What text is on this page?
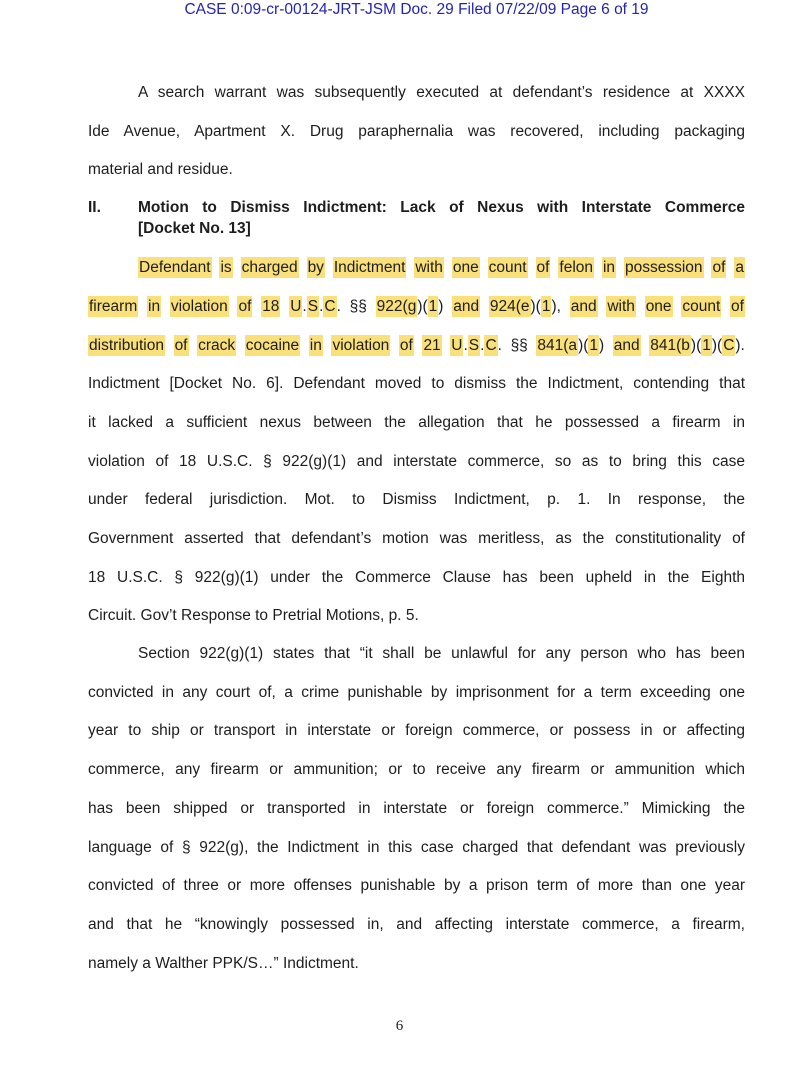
CASE 0:09-cr-00124-JRT-JSM Doc. 29 Filed 07/22/09 Page 6 of 19
A search warrant was subsequently executed at defendant’s residence at XXXX
Ide Avenue, Apartment X. Drug paraphernalia was recovered, including packaging
material and residue.
II. Motion to Dismiss Indictment: Lack of Nexus with Interstate Commerce
[Docket No. 13]
Defendant is charged by Indictment with one count of felon in possession of a
firearm in violation of 18 U.S.C. §§ 922(g)(1) and 924(e)(1), and with one count of
distribution of crack cocaine in violation of 21 U.S.C. §§ 841(a)(1) and 841(b)(1)(C).
Indictment [Docket No. 6]. Defendant moved to dismiss the Indictment, contending that
it lacked a sufficient nexus between the allegation that he possessed a firearm in
violation of 18 U.S.C. § 922(g)(1) and interstate commerce, so as to bring this case
under federal jurisdiction. Mot. to Dismiss Indictment, p. 1. In response, the
Government asserted that defendant’s motion was meritless, as the constitutionality of
18 U.S.C. § 922(g)(1) under the Commerce Clause has been upheld in the Eighth
Circuit. Gov’t Response to Pretrial Motions, p. 5.
Section 922(g)(1) states that “it shall be unlawful for any person who has been
convicted in any court of, a crime punishable by imprisonment for a term exceeding one
year to ship or transport in interstate or foreign commerce, or possess in or affecting
commerce, any firearm or ammunition; or to receive any firearm or ammunition which
has been shipped or transported in interstate or foreign commerce.” Mimicking the
language of § 922(g), the Indictment in this case charged that defendant was previously
convicted of three or more offenses punishable by a prison term of more than one year
and that he “knowingly possessed in, and affecting interstate commerce, a firearm,
namely a Walther PPK/S…” Indictment.
6
